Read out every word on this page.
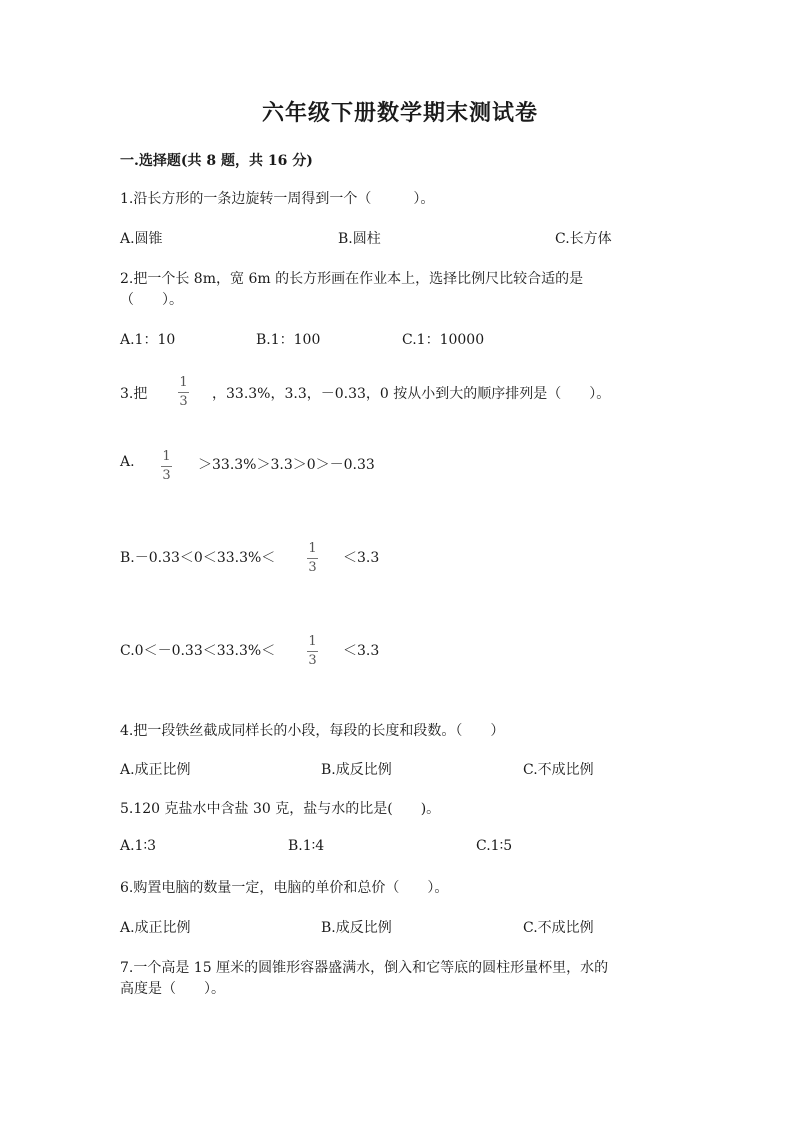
六年级下册数学期末测试卷
一.选择题(共 8 题，共 16 分)
1.沿长方形的一条边旋转一周得到一个（　　　）。
A.圆锥	B.圆柱	C.长方体
2.把一个长 8m，宽 6m 的长方形画在作业本上，选择比例尺比较合适的是
（　　）。
A.1：10	B.1：100	C.1：10000
3.把
1
3 ，33.3%，3.3，－0.33，0 按从小到大的顺序排列是（　　）。
A. 1
3
＞33.3%＞3.3＞0＞－0.33
B.－0.33＜0＜33.3%＜
1
3
＜3.3
C.0＜－0.33＜33.3%＜
1
3
＜3.3
4.把一段铁丝截成同样长的小段，每段的长度和段数。（　　）
A.成正比例	B.成反比例	C.不成比例
5.120 克盐水中含盐 30 克，盐与水的比是(　　)。
A.1∶3	B.1∶4	C.1∶5
6.购置电脑的数量一定，电脑的单价和总价（　　）。
A.成正比例	B.成反比例	C.不成比例
7.一个高是 15 厘米的圆锥形容器盛满水，倒入和它等底的圆柱形量杯里，水的
高度是（　　）。
